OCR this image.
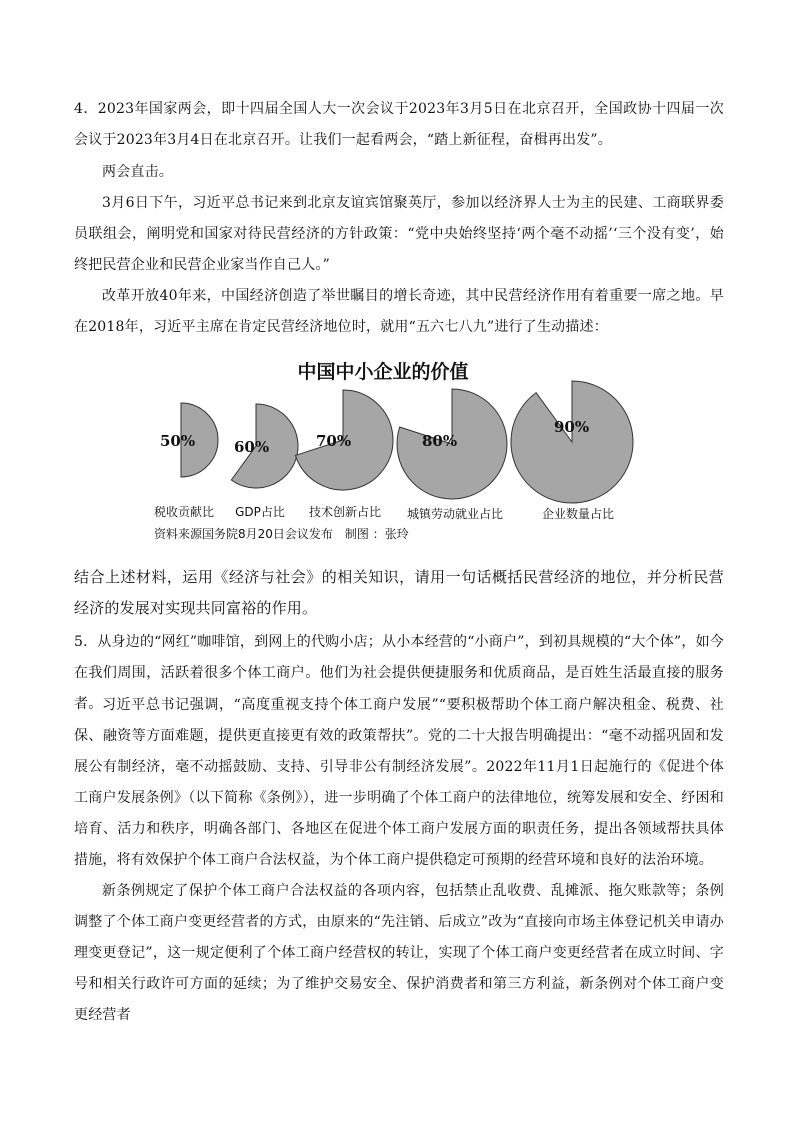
4．2023年国家两会，即十四届全国人大一次会议于2023年3月5日在北京召开，全国政协十四届一次会议于2023年3月4日在北京召开。让我们一起看两会，“踏上新征程，奋楫再出发”。

两会直击。

3月6日下午，习近平总书记来到北京友谊宾馆聚英厅，参加以经济界人士为主的民建、工商联界委员联组会，阐明党和国家对待民营经济的方针政策：“党中央始终坚持‘两个毫不动摇’‘三个没有变’，始终把民营企业和民营企业家当作自己人。”

改革开放40年来，中国经济创造了举世瞩目的增长奇迹，其中民营经济作用有着重要一席之地。早在2018年，习近平主席在肯定民营经济地位时，就用“五六七八九”进行了生动描述：

中国中小企业的价值
50%
税收贡献比
60%
GDP占比
70%
技术创新占比
80%
城镇劳动就业占比
90%
企业数量占比
资料来源国务院8月20日会议发布　制图 ：张玲

结合上述材料，运用《经济与社会》的相关知识，请用一句话概括民营经济的地位，并分析民营经济的发展对实现共同富裕的作用。

5．从身边的“网红”咖啡馆，到网上的代购小店；从小本经营的“小商户”，到初具规模的“大个体”，如今在我们周围，活跃着很多个体工商户。他们为社会提供便捷服务和优质商品，是百姓生活最直接的服务者。 习近平总书记强调，“高度重视支持个体工商户发展”“要积极帮助个体工商户解决租金、税费、社保、融资等方面难题，提供更直接更有效的政策帮扶”。党的二十大报告明确提出：“毫不动摇巩固和发展公有制经济，毫不动摇鼓励、支持、引导非公有制经济发展”。2022年11月1日起施行的《促进个体工商户发展条例》（以下简称《条例》），进一步明确了个体工商户的法律地位，统筹发展和安全、纾困和培育、活力和秩序，明确各部门、各地区在促进个体工商户发展方面的职责任务，提出各领域帮扶具体措施，将有效保护个体工商户合法权益，为个体工商户提供稳定可预期的经营环境和良好的法治环境。

新条例规定了保护个体工商户合法权益的各项内容，包括禁止乱收费、乱摊派、拖欠账款等；条例调整了个体工商户变更经营者的方式，由原来的“先注销、后成立”改为“直接向市场主体登记机关申请办理变更登记”，这一规定便利了个体工商户经营权的转让，实现了个体工商户变更经营者在成立时间、字号和相关行政许可方面的延续；为了维护交易安全、保护消费者和第三方利益，新条例对个体工商户变更经营者
